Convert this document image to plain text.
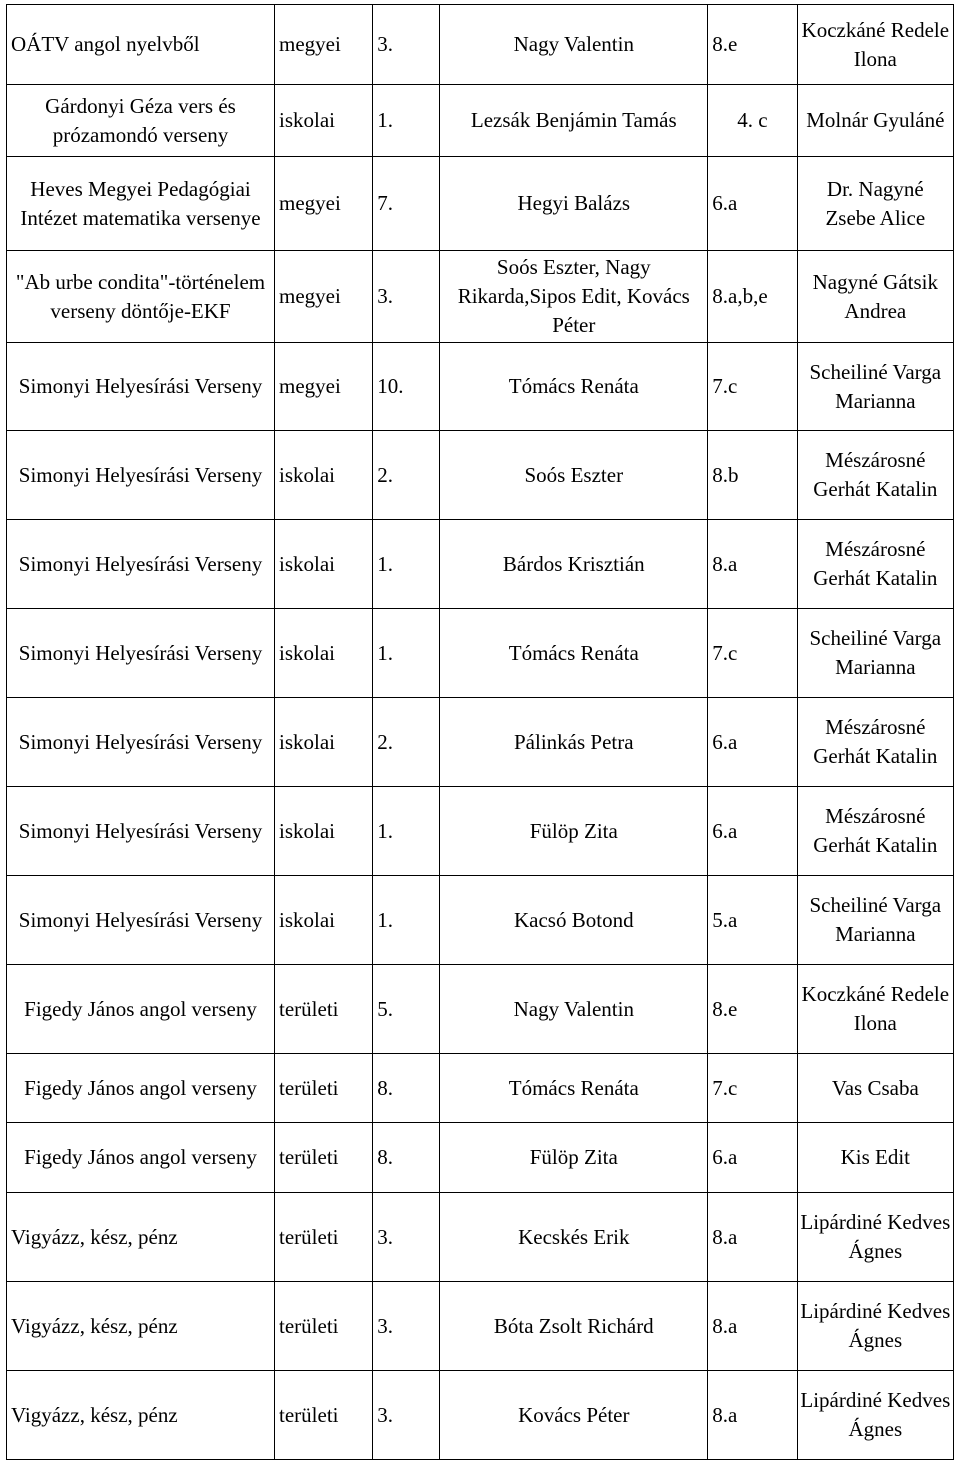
OÁTV angol nyelvből	megyei	3.	Nagy Valentin	8.e	Koczkáné Redele Ilona
Gárdonyi Géza vers és prózamondó verseny	iskolai	1.	Lezsák Benjámin Tamás	4. c	Molnár Gyuláné
Heves Megyei Pedagógiai Intézet matematika versenye	megyei	7.	Hegyi Balázs	6.a	Dr. Nagyné Zsebe Alice
"Ab urbe condita"-történelem verseny döntője-EKF	megyei	3.	Soós Eszter, Nagy Rikarda,Sipos Edit, Kovács Péter	8.a,b,e	Nagyné Gátsik Andrea
Simonyi Helyesírási Verseny	megyei	10.	Tómács Renáta	7.c	Scheiliné Varga Marianna
Simonyi Helyesírási Verseny	iskolai	2.	Soós Eszter	8.b	Mészárosné Gerhát Katalin
Simonyi Helyesírási Verseny	iskolai	1.	Bárdos Krisztián	8.a	Mészárosné Gerhát Katalin
Simonyi Helyesírási Verseny	iskolai	1.	Tómács Renáta	7.c	Scheiliné Varga Marianna
Simonyi Helyesírási Verseny	iskolai	2.	Pálinkás Petra	6.a	Mészárosné Gerhát Katalin
Simonyi Helyesírási Verseny	iskolai	1.	Fülöp Zita	6.a	Mészárosné Gerhát Katalin
Simonyi Helyesírási Verseny	iskolai	1.	Kacsó Botond	5.a	Scheiliné Varga Marianna
Figedy János angol verseny	területi	5.	Nagy Valentin	8.e	Koczkáné Redele Ilona
Figedy János angol verseny	területi	8.	Tómács Renáta	7.c	Vas Csaba
Figedy János angol verseny	területi	8.	Fülöp Zita	6.a	Kis Edit
Vigyázz, kész, pénz	területi	3.	Kecskés Erik	8.a	Lipárdiné Kedves Ágnes
Vigyázz, kész, pénz	területi	3.	Bóta Zsolt Richárd	8.a	Lipárdiné Kedves Ágnes
Vigyázz, kész, pénz	területi	3.	Kovács Péter	8.a	Lipárdiné Kedves Ágnes
